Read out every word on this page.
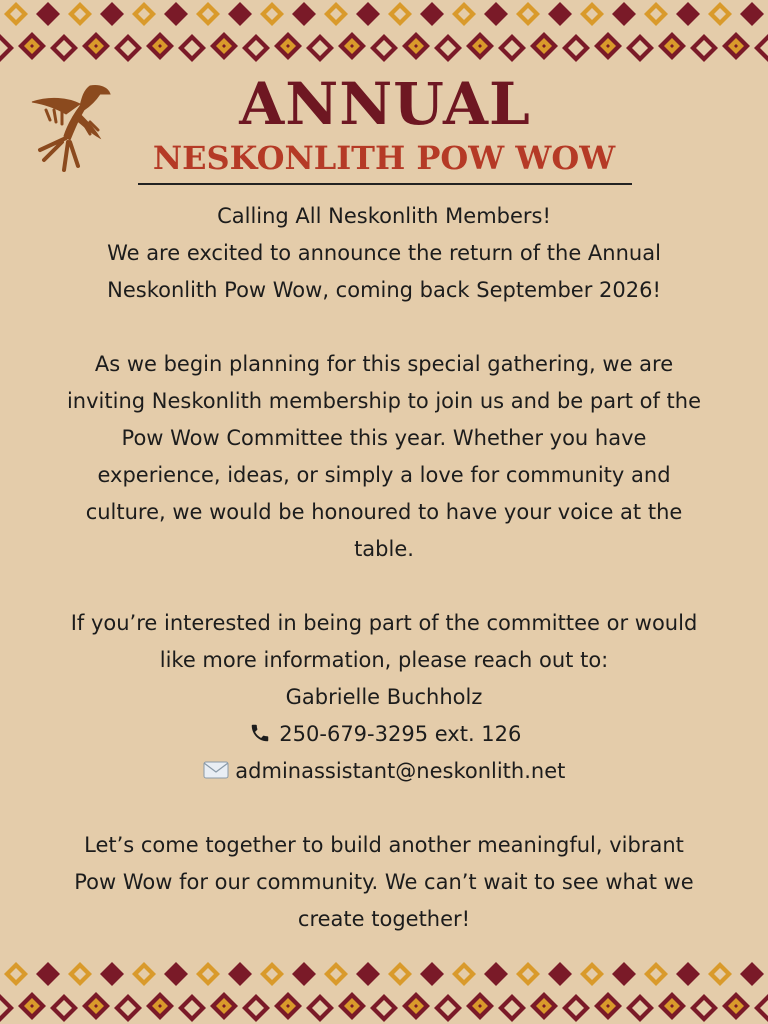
ANNUAL
NESKONLITH POW WOW

Calling All Neskonlith Members!

We are excited to announce the return of the Annual

Neskonlith Pow Wow, coming back September 2026!

As we begin planning for this special gathering, we are

inviting Neskonlith membership to join us and be part of the

Pow Wow Committee this year. Whether you have

experience, ideas, or simply a love for community and

culture, we would be honoured to have your voice at the

table.

If you’re interested in being part of the committee or would

like more information, please reach out to:

Gabrielle Buchholz

250-679-3295 ext. 126

adminassistant@neskonlith.net

Let’s come together to build another meaningful, vibrant

Pow Wow for our community. We can’t wait to see what we

create together!
